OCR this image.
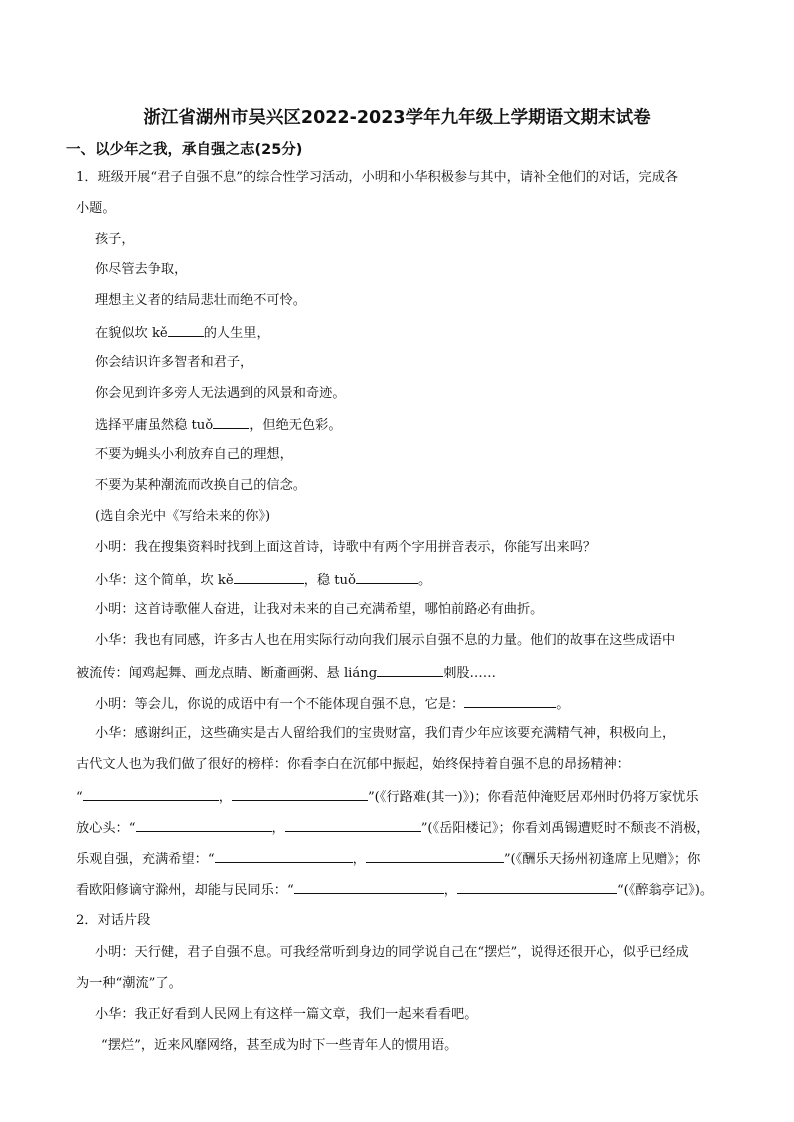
浙江省湖州市吴兴区2022-2023学年九年级上学期语文期末试卷
一、以少年之我，承自强之志(25分)
1．班级开展“君子自强不息”的综合性学习活动，小明和小华积极参与其中，请补全他们的对话，完成各
小题。
孩子，
你尽管去争取，
理想主义者的结局悲壮而绝不可怜。
在貌似坎 kě	的人生里，
你会结识许多智者和君子，
你会见到许多旁人无法遇到的风景和奇迹。
选择平庸虽然稳 tuǒ	，但绝无色彩。
不要为蝇头小利放弃自己的理想，
不要为某种潮流而改换自己的信念。
(选自余光中《写给未来的你》)
小明：我在搜集资料时找到上面这首诗，诗歌中有两个字用拼音表示，你能写出来吗？
小华：这个简单，坎 kě	，稳 tuǒ	。
小明：这首诗歌催人奋进，让我对未来的自己充满希望，哪怕前路必有曲折。
小华：我也有同感，许多古人也在用实际行动向我们展示自强不息的力量。他们的故事在这些成语中
被流传：闻鸡起舞、画龙点睛、断齑画粥、悬 liáng	刺股……
小明：等会儿，你说的成语中有一个不能体现自强不息，它是：	。
小华：感谢纠正，这些确实是古人留给我们的宝贵财富，我们青少年应该要充满精气神，积极向上，
古代文人也为我们做了很好的榜样：你看李白在沉郁中振起，始终保持着自强不息的昂扬精神：
“	，	”(《行路难(其一)》)；你看范仲淹贬居邓州时仍将万家忧乐
放心头：“	，	”(《岳阳楼记》；你看刘禹锡遭贬时不颓丧不消极，
乐观自强，充满希望：“	，	”(《酬乐天扬州初逢席上见赠》；你
看欧阳修谪守滁州，却能与民同乐：“	，	“(《醉翁亭记》)。
2．对话片段
小明：天行健，君子自强不息。可我经常听到身边的同学说自己在“摆烂”，说得还很开心，似乎已经成
为一种“潮流”了。
小华：我正好看到人民网上有这样一篇文章，我们一起来看看吧。
“摆烂”，近来风靡网络，甚至成为时下一些青年人的惯用语。
